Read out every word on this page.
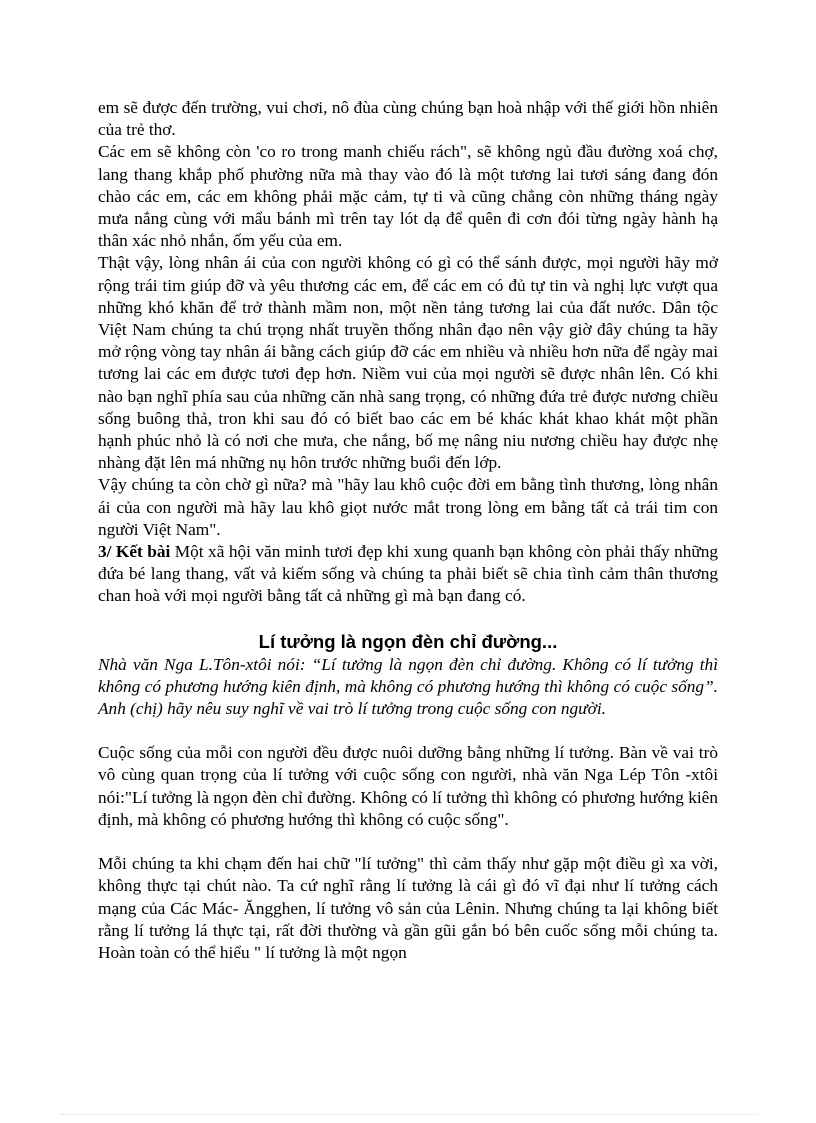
em sẽ được đến trường, vui chơi, nô đùa cùng chúng bạn hoà nhập với thế giới hồn nhiên của trẻ thơ.

Các em sẽ không còn 'co ro trong manh chiếu rách", sẽ không ngủ đầu đường xoá chợ, lang thang khắp phố phường nữa mà thay vào đó là một tương lai tươi sáng đang đón chào các em, các em không phải mặc cảm, tự ti và cũng chẳng còn những tháng ngày mưa nắng cùng với mẩu bánh mì trên tay lót dạ để quên đi cơn đói từng ngày hành hạ thân xác nhỏ nhắn, ốm yếu của em.

Thật vậy, lòng nhân ái của con người không có gì có thể sánh được, mọi người hãy mở rộng trái tim giúp đỡ và yêu thương các em, để các em có đủ tự tin và nghị lực vượt qua những khó khăn để trở thành mầm non, một nền tảng tương lai của đất nước. Dân tộc Việt Nam chúng ta chú trọng nhất truyền thống nhân đạo nên vậy giờ đây chúng ta hãy mở rộng vòng tay nhân ái bằng cách giúp đỡ các em nhiều và nhiều hơn nữa để ngày mai tương lai các em được tươi đẹp hơn. Niềm vui của mọi người sẽ được nhân lên. Có khi nào bạn nghĩ phía sau của những căn nhà sang trọng, có những đứa trẻ được nương chiều sống buông thả, tron khi sau đó có biết bao các em bé khác khát khao khát một phần hạnh phúc nhỏ là có nơi che mưa, che nắng, bố mẹ nâng niu nương chiều hay được nhẹ nhàng đặt lên má những nụ hôn trước những buổi đến lớp.

Vậy chúng ta còn chờ gì nữa? mà "hãy lau khô cuộc đời em bằng tình thương, lòng nhân ái của con người mà hãy lau khô giọt nước mắt trong lòng em bằng tất cả trái tim con người Việt Nam".

3/ Kết bài Một xã hội văn minh tươi đẹp khi xung quanh bạn không còn phải thấy những đứa bé lang thang, vất vả kiếm sống và chúng ta phải biết sẽ chia tình cảm thân thương chan hoà với mọi người bằng tất cả những gì mà bạn đang có.

Lí tưởng là ngọn đèn chỉ đường...

Nhà văn Nga L.Tôn-xtôi nói: “Lí tưởng là ngọn đèn chỉ đường. Không có lí tưởng thì không có phương hướng kiên định, mà không có phương hướng thì không có cuộc sống”. Anh (chị) hãy nêu suy nghĩ về vai trò lí tưởng trong cuộc sống con người.

Cuộc sống của mỗi con người đều được nuôi dưỡng bằng những lí tưởng. Bàn về vai trò vô cùng quan trọng của lí tưởng với cuộc sống con người, nhà văn Nga Lép Tôn -xtôi nói:"Lí tưởng là ngọn đèn chỉ đường. Không có lí tưởng thì không có phương hướng kiên định, mà không có phương hướng thì không có cuộc sống".

Mỗi chúng ta khi chạm đến hai chữ "lí tưởng" thì cảm thấy như gặp một điều gì xa vời, không thực tại chút nào. Ta cứ nghĩ rằng lí tưởng là cái gì đó vĩ đại như lí tưởng cách mạng của Các Mác- Ăngghen, lí tưởng vô sản của Lênin. Nhưng chúng ta lại không biết rằng lí tưởng lá thực tại, rất đời thường và gần gũi gắn bó bên cuốc sống mỗi chúng ta. Hoàn toàn có thể hiểu " lí tưởng là một ngọn
